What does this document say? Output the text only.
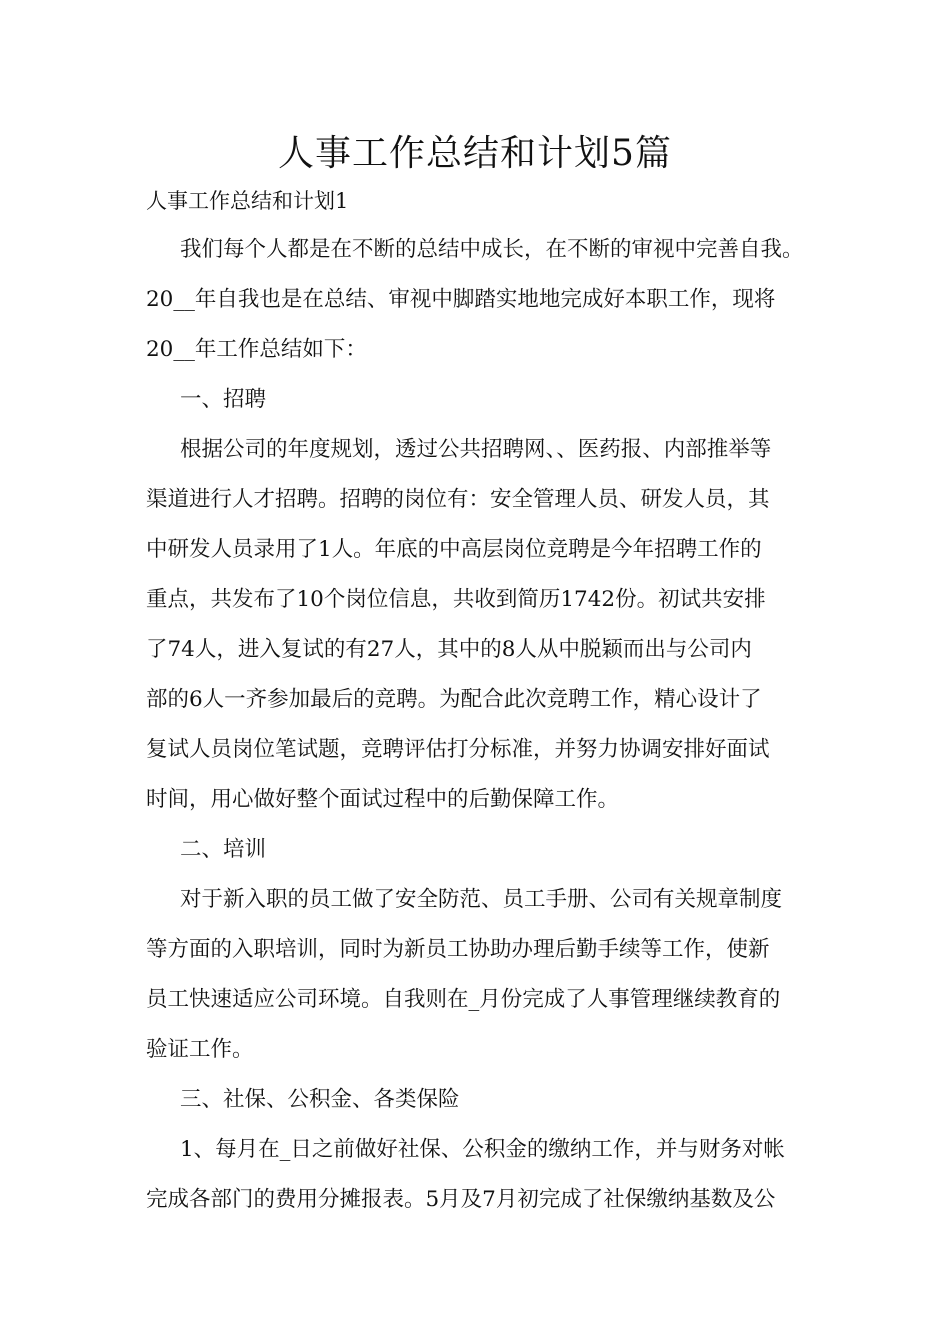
人事工作总结和计划5篇
人事工作总结和计划1
我们每个人都是在不断的总结中成长，在不断的审视中完善自我。
20__年自我也是在总结、审视中脚踏实地地完成好本职工作，现将
20__年工作总结如下：
一、招聘
根据公司的年度规划，透过公共招聘网、、医药报、内部推举等
渠道进行人才招聘。招聘的岗位有：安全管理人员、研发人员，其
中研发人员录用了1人。年底的中高层岗位竞聘是今年招聘工作的
重点，共发布了10个岗位信息，共收到简历1742份。初试共安排
了74人，进入复试的有27人，其中的8人从中脱颖而出与公司内
部的6人一齐参加最后的竞聘。为配合此次竞聘工作，精心设计了
复试人员岗位笔试题，竞聘评估打分标准，并努力协调安排好面试
时间，用心做好整个面试过程中的后勤保障工作。
二、培训
对于新入职的员工做了安全防范、员工手册、公司有关规章制度
等方面的入职培训，同时为新员工协助办理后勤手续等工作，使新
员工快速适应公司环境。自我则在_月份完成了人事管理继续教育的
验证工作。
三、社保、公积金、各类保险
1、每月在_日之前做好社保、公积金的缴纳工作，并与财务对帐
完成各部门的费用分摊报表。5月及7月初完成了社保缴纳基数及公
